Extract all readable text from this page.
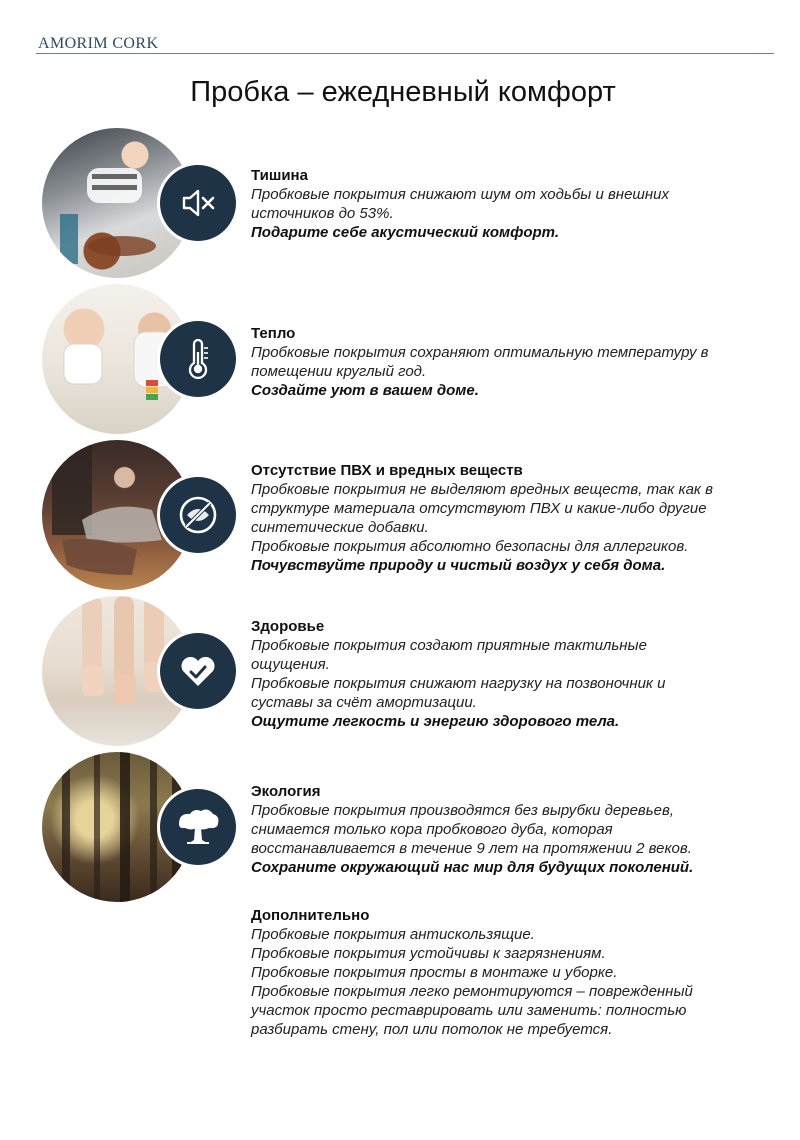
AMORIM CORK
Пробка – ежедневный комфорт
Тишина
Пробковые покрытия снижают шум от ходьбы и внешних
источников до 53%.
Подарите себе акустический комфорт.
Тепло
Пробковые покрытия сохраняют оптимальную температуру в
помещении круглый год.
Создайте уют в вашем доме.
Отсутствие ПВХ и вредных веществ
Пробковые покрытия не выделяют вредных веществ, так как в
структуре материала отсутствуют ПВХ и какие-либо другие
синтетические добавки.
Пробковые покрытия абсолютно безопасны для аллергиков.
Почувствуйте природу и чистый воздух у себя дома.
Здоровье
Пробковые покрытия создают приятные тактильные
ощущения.
Пробковые покрытия снижают нагрузку на позвоночник и
суставы за счёт амортизации.
Ощутите легкость и энергию здорового тела.
Экология
Пробковые покрытия производятся без вырубки деревьев,
снимается только кора пробкового дуба, которая
восстанавливается в течение 9 лет на протяжении 2 веков.
Сохраните окружающий нас мир для будущих поколений.
Дополнительно
Пробковые покрытия антискользящие.
Пробковые покрытия устойчивы к загрязнениям.
Пробковые покрытия просты в монтаже и уборке.
Пробковые покрытия легко ремонтируются – поврежденный
участок просто реставрировать или заменить: полностью
разбирать стену, пол или потолок не требуется.
